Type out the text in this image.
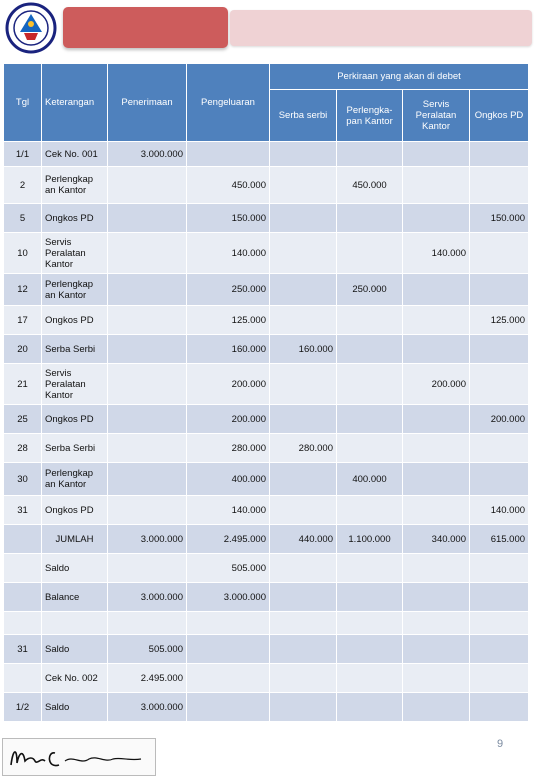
Tgl	Keterangan	Penerimaan	Pengeluaran	Perkiraan yang akan di debet			
				Serba serbi	Perlengka-pan Kantor	Servis Peralatan Kantor	Ongkos PD
1/1	Cek No. 001	3.000.000					
2	Perlengkap an Kantor		450.000		450.000		
5	Ongkos PD		150.000				150.000
10	Servis Peralatan Kantor		140.000			140.000	
12	Perlengkap an Kantor		250.000		250.000		
17	Ongkos PD		125.000				125.000
20	Serba Serbi		160.000	160.000			
21	Servis Peralatan Kantor		200.000			200.000	
25	Ongkos PD		200.000				200.000
28	Serba Serbi		280.000	280.000			
30	Perlengkap an Kantor		400.000		400.000		
31	Ongkos PD		140.000				140.000
	JUMLAH	3.000.000	2.495.000	440.000	1.100.000	340.000	615.000
	Saldo		505.000				
	Balance	3.000.000	3.000.000				

31	Saldo	505.000					
	Cek No. 002	2.495.000					
1/2	Saldo	3.000.000					
9
